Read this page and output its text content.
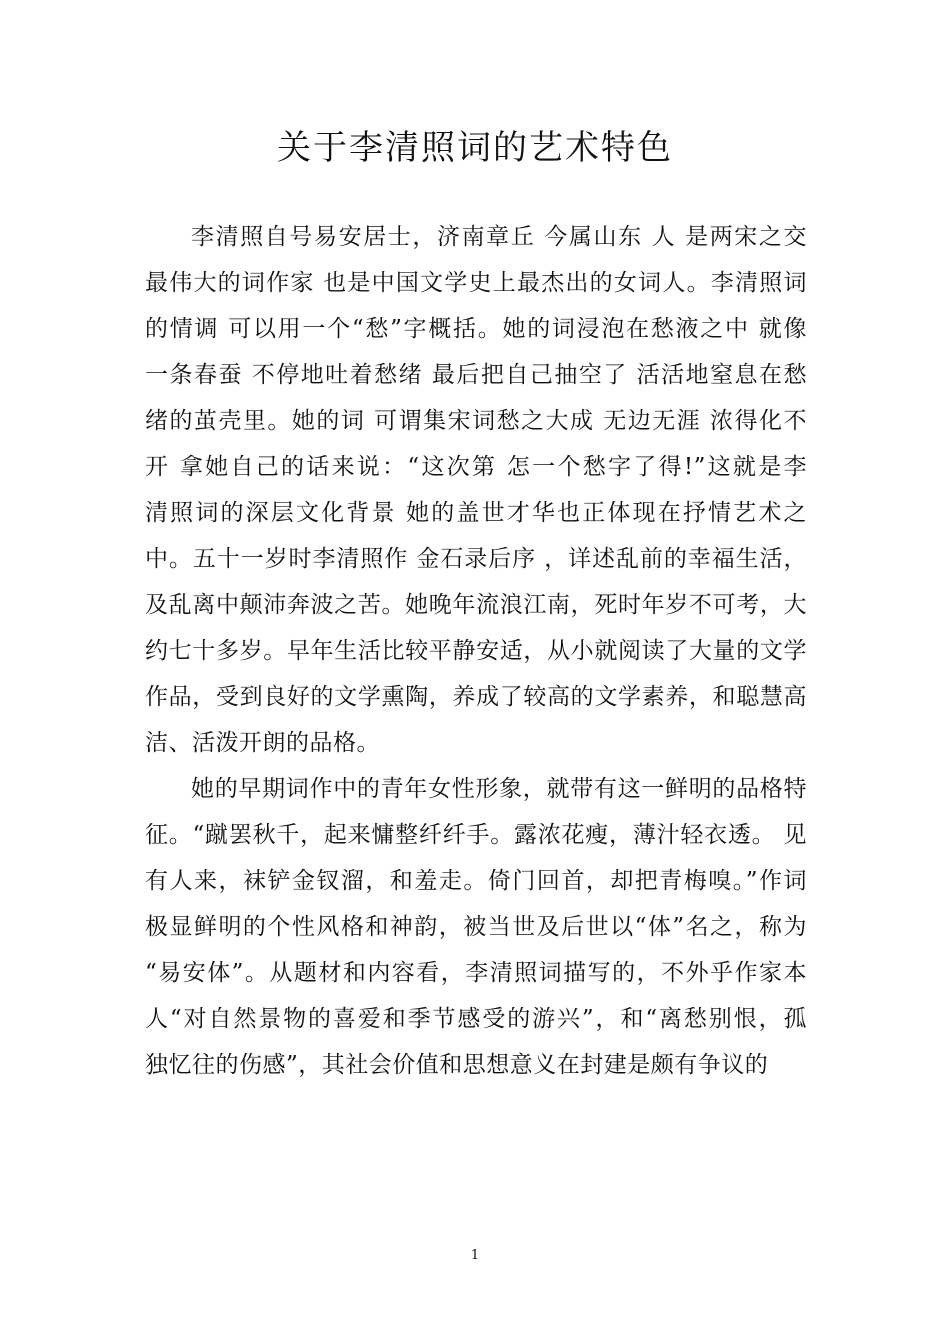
关于李清照词的艺术特色
李清照自号易安居士，济南章丘 今属山东 人 是两宋之交
最伟大的词作家 也是中国文学史上最杰出的女词人。李清照词
的情调 可以用一个“愁”字概括。她的词浸泡在愁液之中 就像
一条春蚕 不停地吐着愁绪 最后把自己抽空了 活活地窒息在愁
绪的茧壳里。她的词 可谓集宋词愁之大成 无边无涯 浓得化不
开 拿她自己的话来说：“这次第 怎一个愁字了得!”这就是李
清照词的深层文化背景 她的盖世才华也正体现在抒情艺术之
中。五十一岁时李清照作 金石录后序 ，详述乱前的幸福生活，
及乱离中颠沛奔波之苦。她晚年流浪江南，死时年岁不可考，大
约七十多岁。早年生活比较平静安适，从小就阅读了大量的文学
作品，受到良好的文学熏陶，养成了较高的文学素养，和聪慧高
洁、活泼开朗的品格。
她的早期词作中的青年女性形象，就带有这一鲜明的品格特
征。“蹴罢秋千，起来慵整纤纤手。露浓花瘦，薄汁轻衣透。 见
有人来，袜铲金钗溜，和羞走。倚门回首，却把青梅嗅。”作词
极显鲜明的个性风格和神韵，被当世及后世以“体”名之，称为
“易安体”。从题材和内容看，李清照词描写的，不外乎作家本
人“对自然景物的喜爱和季节感受的游兴”，和“离愁别恨，孤
独忆往的伤感”，其社会价值和思想意义在封建是颇有争议的
1
